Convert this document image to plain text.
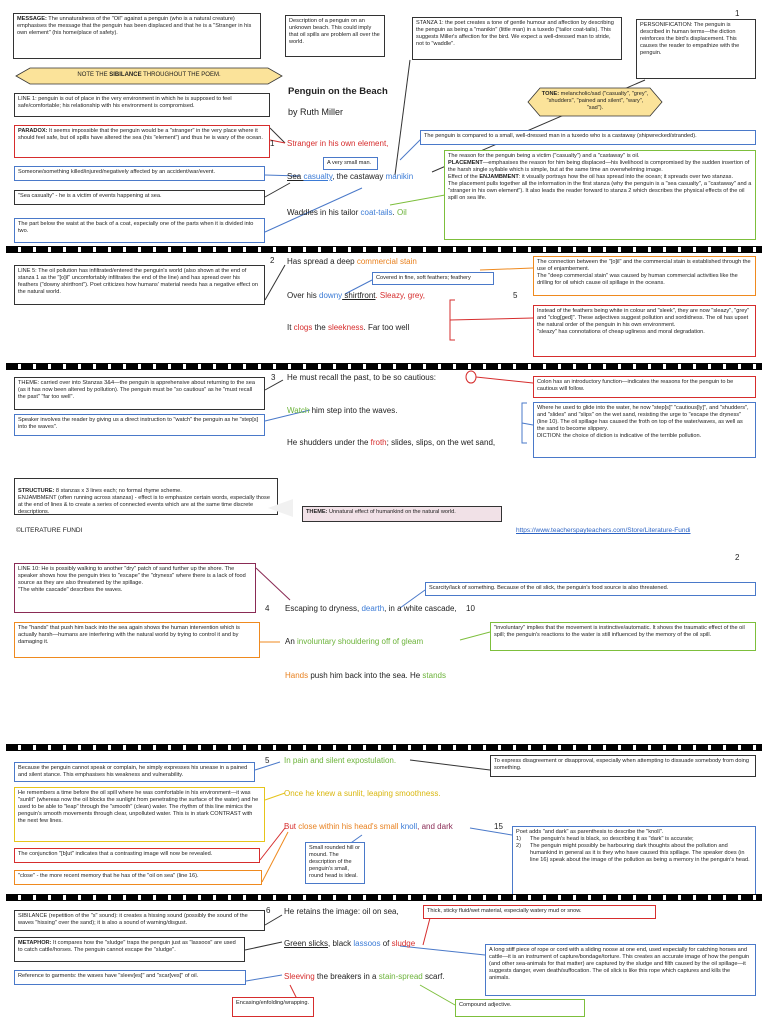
1
MESSAGE: The unnaturalness of the "Oil" against a penguin (who is a natural creature) emphasises the message that the penguin has been displaced and that he is a "Stranger in his own element" (his home/place of safety).
Description of a penguin on an unknown beach. This could imply that oil spills are problem all over the world.
STANZA 1: the poet creates a tone of gentle humour and affection by describing the penguin as being a "manikin" (little man) in a tuxedo ("tailor coat-tails). This suggests Miller's affection for the bird. We expect a well-dressed man to stride, not to "waddle".
PERSONIFICATION: The penguin is described in human terms—the diction reinforces the bird's displacement. This causes the reader to empathize with the penguin.
NOTE THE SIBILANCE THROUGHOUT THE POEM.
TONE: melancholic/sad ("casualty", "grey", "shudders", "pained and silent", "wary", "sad").
Penguin on the Beach
by Ruth Miller
LINE 1: penguin is out of place in the very environment in which he is supposed to feel safe/comfortable; his relationship with his environment is compromised.
PARADOX: It seems impossible that the penguin would be a "stranger" in the very place where it should feel safe, but oil spills have altered the sea (his "element") and thus he is wary of the ocean.
Someone/something killed/injured/negatively affected by an accident/war/event.
"Sea casualty" - he is a victim of events happening at sea.
The part below the waist at the back of a coat, especially one of the parts when it is divided into two.
A very small man.
The penguin is compared to a small, well-dressed man in a tuxedo who is a castaway (shipwrecked/stranded).
The reason for the penguin being a victim ("casualty") and a "castaway" is oil.
PLACEMENT—emphasises the reason for him being displaced—his livelihood is compromised by the sudden insertion of the harsh single syllable which is simple, but at the same time an overwhelming image.
Effect of the ENJAMBMENT: it visually portrays how the oil has spread into the ocean; it spreads over two stanzas.
The placement pulls together all the information in the first stanza (why the penguin is a "sea casualty", a "castaway" and a "stranger in his own element"). It also leads the reader forward to stanza 2 which describes the physical effects of the oil spill on sea life.
1 Stranger in his own element,
Sea casualty, the castaway manikin
Waddles in his tailor coat-tails. Oil
2
LINE 5: The oil pollution has infiltrated/entered the penguin's world (also shown at the end of stanza 1 as the "[o]il" uncomfortably infiltrates the end of the line) and has spread over his feathers ("downy shirtfront"). Poet criticizes how humans' material needs has a negative effect on the natural world.
Covered in fine, soft feathers; feathery
The connection between the "[o]il" and the commercial stain is established through the use of enjambement.
The "deep commercial stain" was caused by human commercial activities like the drilling for oil which cause oil spillage in the oceans.
Instead of the feathers being white in colour and "sleek", they are now "sleazy", "grey" and "clog[ged]". These adjectives suggest pollution and sordidness. The oil has upset the natural order of the penguin in his own environment.
"sleazy" has connotations of cheap ugliness and moral degradation.
Has spread a deep commercial stain
Over his downy shirtfront. Sleazy, grey,	5
It clogs the sleekness. Far too well
3
THEME: carried over into Stanzas 3&4—the penguin is apprehensive about returning to the sea (as it has now been altered by pollution). The penguin must be "so cautious" as he "must recall the past" "far too well".
Speaker involves the reader by giving us a direct instruction to "watch" the penguin as he "step[s] into the waves".
Colon has an introductory function—indicates the reasons for the penguin to be cautious will follow.
Where he used to glide into the water, he now "step[s]" "cautious[ly]", and "shudders", and "slides" and "slips" on the wet sand, resisting the urge to "escape the dryness" (line 10). The oil spillage has caused the froth on top of the water/waves, as well as the sand to become slippery.
DICTION: the choice of diction is indicative of the terrible pollution.
He must recall the past, to be so cautious:
Watch him step into the waves.
He shudders under the froth; slides, slips, on the wet sand,

STRUCTURE: 8 stanzas x 3 lines each; no formal rhyme scheme.
ENJAMBMENT (often running across stanzas) - effect is to emphasize certain words, especially those at the end of lines & to create a series of connected events which are at the same time discrete descriptions.	THEME: Unnatural effect of humankind on the natural world.
©LITERATURE FUNDI	https://www.teacherspayteachers.com/Store/Literature-Fundi
2
LINE 10: He is possibly walking to another "dry" patch of sand further up the shore. The speaker shows how the penguin tries to "escape" the "dryness" where there is a lack of food source as they are also threatened by the spillage.
"The white cascade" describes the waves.	Scarcity/lack of something. Because of the oil slick, the penguin's food source is also threatened.
The "hands" that push him back into the sea again shows the human intervention which is actually harsh—humans are interfering with the natural world by trying to control it and by damaging it.
"involuntary" implies that the movement is instinctive/automatic. It shows the traumatic effect of the oil spill; the penguin's reactions to the water is still influenced by the memory of the oil spill.
4	10
Escaping to dryness, dearth, in a white cascade,
An involuntary shouldering off of gleam
Hands push him back into the sea. He stands
5
Because the penguin cannot speak or complain, he simply expresses his unease in a pained and silent stance. This emphasises his weakness and vulnerability.
He remembers a time before the oil spill where he was comfortable in his environment—it was "sunlit" (whereas now the oil blocks the sunlight from penetrating the surface of the water) and he used to be able to "leap" through the "smooth" (clean) water. The rhythm of this line mimics the penguin's smooth movements through clear, unpolluted water. This is in stark CONTRAST with the next few lines.
The conjunction "[b]ut" indicates that a contrasting image will now be revealed.
"close" - the more recent memory that he has of the "oil on sea" (line 16).
To express disagreement or disapproval, especially when attempting to dissuade somebody from doing something.
Small rounded hill or mound. The description of the penguin's small, round head is ideal.
Poet adds "and dark" as parenthesis to describe the "knoll".
1)	The penguin's head is black, so describing it as "dark" is accurate;
2)	The penguin might possibly be harbouring dark thoughts about the pollution and humankind in general as it is they who have caused this spillage. The speaker does (in line 16) speak about the image of the pollution as being a memory in the penguin's head.
In pain and silent expostulation.
Once he knew a sunlit, leaping smoothness.
But close within his head's small knoll, and dark	15
6
SIBILANCE (repetition of the "s" sound): it creates a hissing sound (possibly the sound of the waves "hissing" over the sand); it is also a sound of warning/disgust.
METAPHOR: It compares how the "sludge" traps the penguin just as "lassoos" are used to catch cattle/horses. The penguin cannot escape the "sludge".
Reference to garments: the waves have "sleev[es]" and "scar[ves]" of oil.
Encasing/enfolding/wrapping.
Thick, sticky fluid/wet material, especially watery mud or snow.
A long stiff piece of rope or cord with a sliding noose at one end, used especially for catching horses and cattle—it is an instrument of capture/bondage/torture. This creates an accurate image of how the penguin (and other sea-animals for that matter) are captured by the sludge and filth caused by the oil spillage—it suggests danger, even death/suffocation. The oil slick is like this rope which captures and kills the animals.
Compound adjective.
He retains the image: oil on sea,
Green slicks, black lassoos of sludge
Sleeving the breakers in a stain-spread scarf.
